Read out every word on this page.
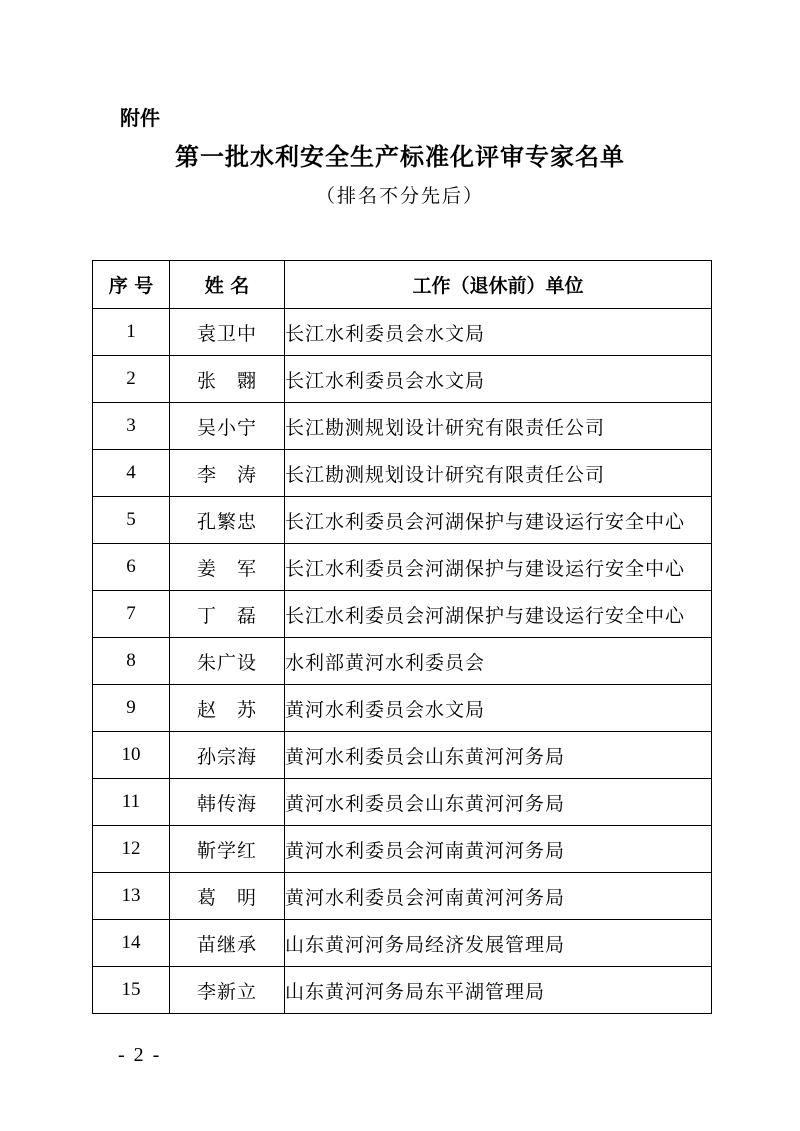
附件
第一批水利安全生产标准化评审专家名单
（排名不分先后）
序 号	姓 名	工作（退休前）单位
1	袁卫中	长江水利委员会水文局
2	张　翾	长江水利委员会水文局
3	吴小宁	长江勘测规划设计研究有限责任公司
4	李　涛	长江勘测规划设计研究有限责任公司
5	孔繁忠	长江水利委员会河湖保护与建设运行安全中心
6	姜　军	长江水利委员会河湖保护与建设运行安全中心
7	丁　磊	长江水利委员会河湖保护与建设运行安全中心
8	朱广设	水利部黄河水利委员会
9	赵　苏	黄河水利委员会水文局
10	孙宗海	黄河水利委员会山东黄河河务局
11	韩传海	黄河水利委员会山东黄河河务局
12	靳学红	黄河水利委员会河南黄河河务局
13	葛　明	黄河水利委员会河南黄河河务局
14	苗继承	山东黄河河务局经济发展管理局
15	李新立	山东黄河河务局东平湖管理局
- 2 -
